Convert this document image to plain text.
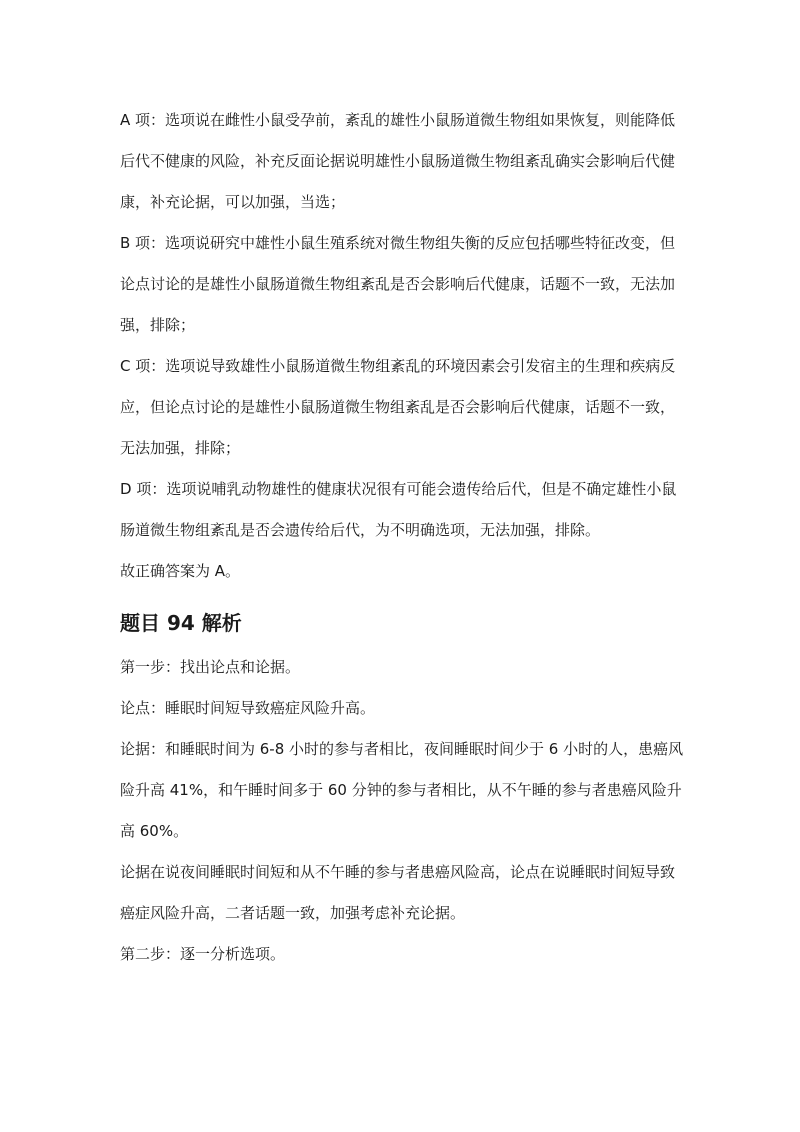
A 项：选项说在雌性小鼠受孕前，紊乱的雄性小鼠肠道微生物组如果恢复，则能降低后代不健康的风险，补充反面论据说明雄性小鼠肠道微生物组紊乱确实会影响后代健康，补充论据，可以加强，当选；

B 项：选项说研究中雄性小鼠生殖系统对微生物组失衡的反应包括哪些特征改变，但论点讨论的是雄性小鼠肠道微生物组紊乱是否会影响后代健康，话题不一致，无法加强，排除；

C 项：选项说导致雄性小鼠肠道微生物组紊乱的环境因素会引发宿主的生理和疾病反应，但论点讨论的是雄性小鼠肠道微生物组紊乱是否会影响后代健康，话题不一致，无法加强，排除；

D 项：选项说哺乳动物雄性的健康状况很有可能会遗传给后代，但是不确定雄性小鼠肠道微生物组紊乱是否会遗传给后代，为不明确选项，无法加强，排除。

故正确答案为 A。

题目 94 解析

第一步：找出论点和论据。

论点：睡眠时间短导致癌症风险升高。

论据：和睡眠时间为 6-8 小时的参与者相比，夜间睡眠时间少于 6 小时的人，患癌风险升高 41%，和午睡时间多于 60 分钟的参与者相比，从不午睡的参与者患癌风险升高 60%。

论据在说夜间睡眠时间短和从不午睡的参与者患癌风险高，论点在说睡眠时间短导致癌症风险升高，二者话题一致，加强考虑补充论据。

第二步：逐一分析选项。
